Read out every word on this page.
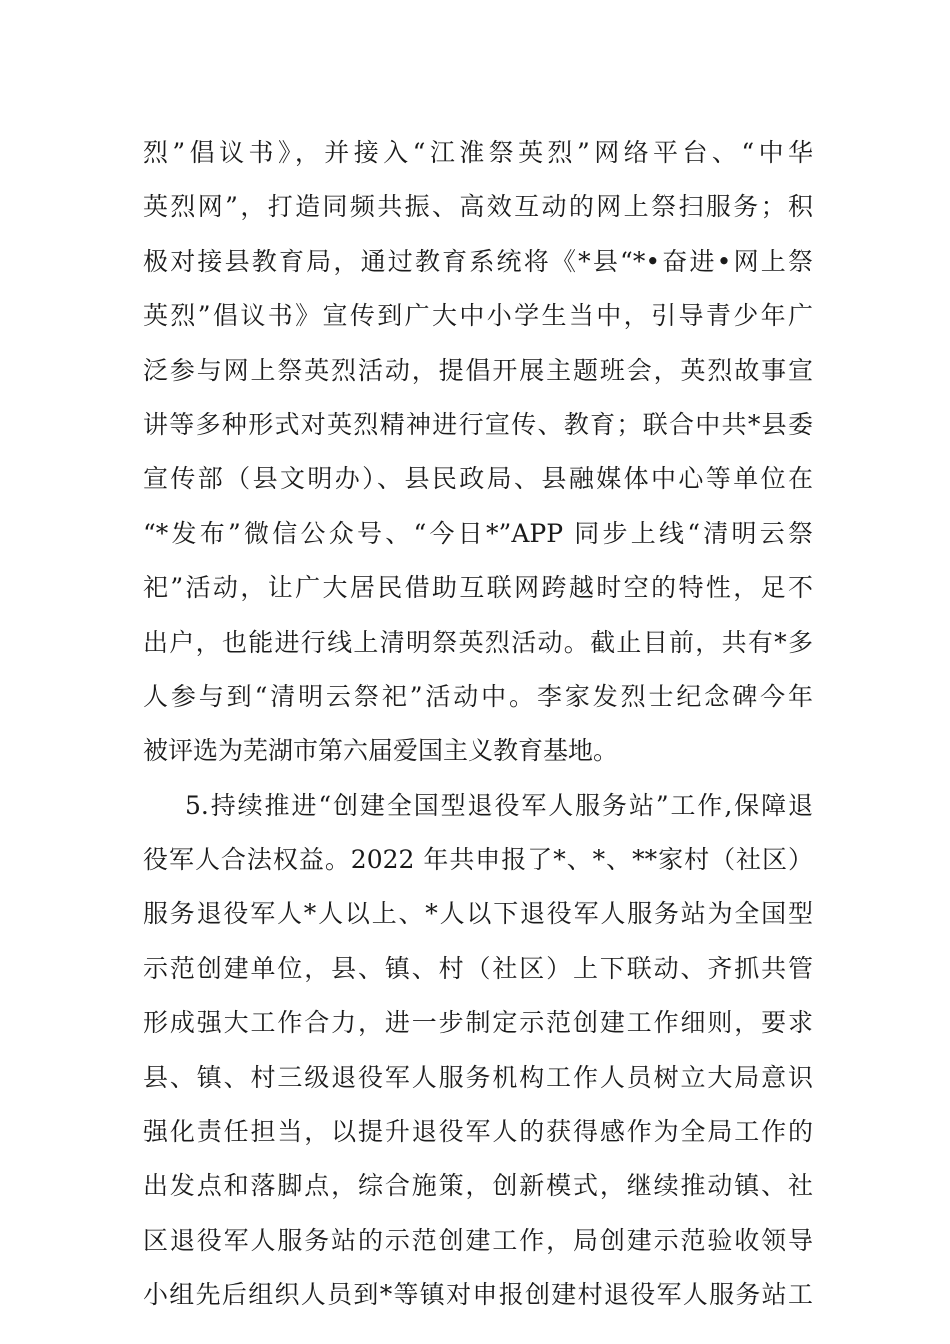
烈”倡议书》，并接入“江淮祭英烈”网络平台、“中华
英烈网”，打造同频共振、高效互动的网上祭扫服务；积
极对接县教育局，通过教育系统将《*县“*•奋进•网上祭
英烈”倡议书》宣传到广大中小学生当中，引导青少年广
泛参与网上祭英烈活动，提倡开展主题班会，英烈故事宣
讲等多种形式对英烈精神进行宣传、教育；联合中共*县委
宣传部（县文明办）、县民政局、县融媒体中心等单位在
“*发布”微信公众号、“今日*”APP 同步上线“清明云祭
祀”活动，让广大居民借助互联网跨越时空的特性，足不
出户，也能进行线上清明祭英烈活动。截止目前，共有*多
人参与到“清明云祭祀”活动中。李家发烈士纪念碑今年
被评选为芜湖市第六届爱国主义教育基地。
5.持续推进“创建全国型退役军人服务站”工作,保障退
役军人合法权益。2022 年共申报了*、*、**家村（社区）
服务退役军人*人以上、*人以下退役军人服务站为全国型
示范创建单位，县、镇、村（社区）上下联动、齐抓共管
形成强大工作合力，进一步制定示范创建工作细则，要求
县、镇、村三级退役军人服务机构工作人员树立大局意识
强化责任担当，以提升退役军人的获得感作为全局工作的
出发点和落脚点，综合施策，创新模式，继续推动镇、社
区退役军人服务站的示范创建工作，局创建示范验收领导
小组先后组织人员到*等镇对申报创建村退役军人服务站工
